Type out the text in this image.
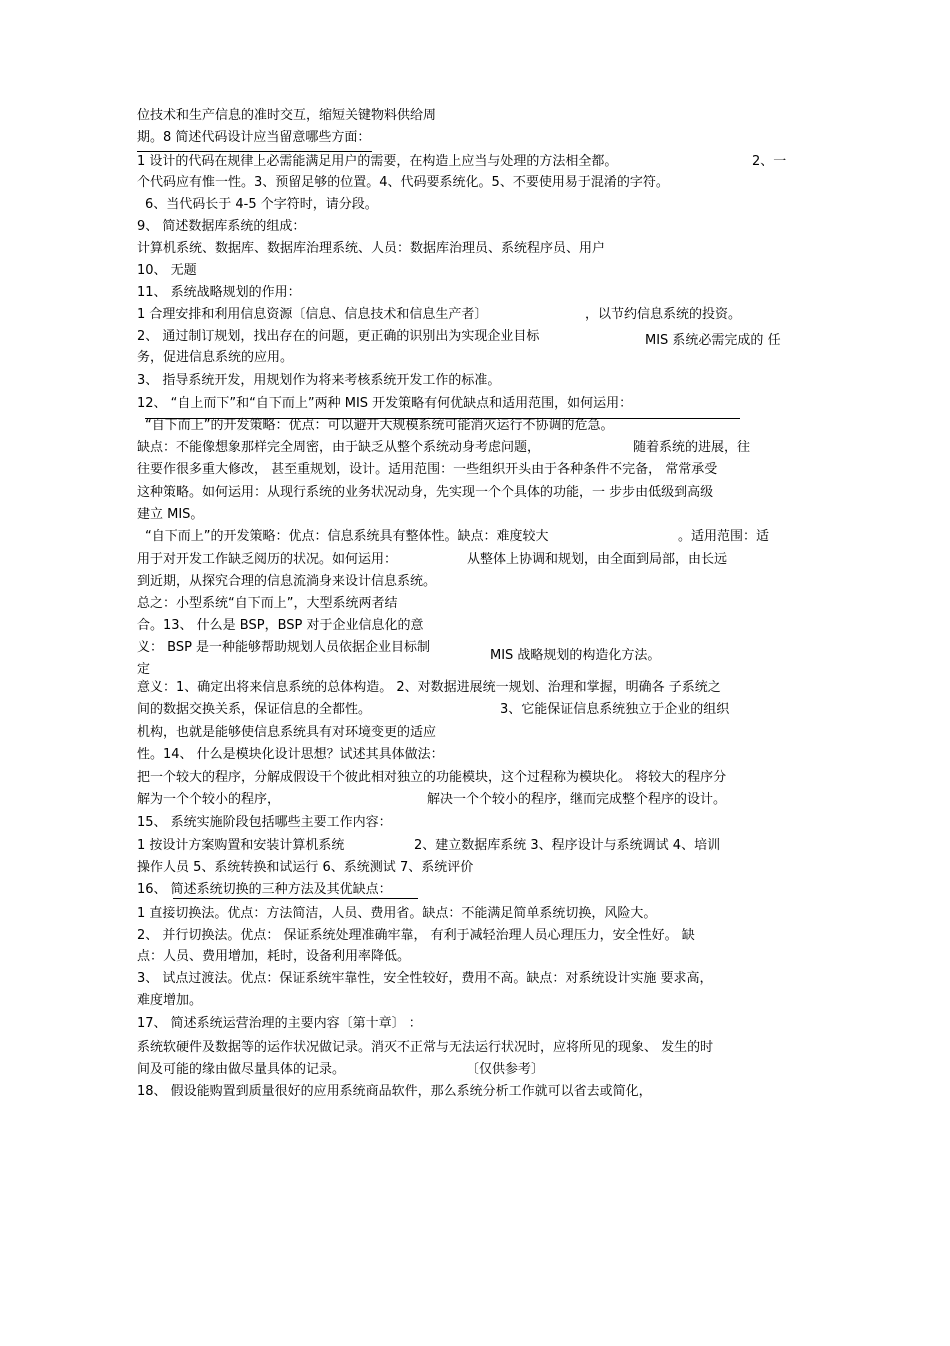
位技术和生产信息的准时交互，缩短关键物料供给周
期。8 简述代码设计应当留意哪些方面：
1 设计的代码在规律上必需能满足用户的需要，在构造上应当与处理的方法相全都。	2、一
个代码应有惟一性。3、预留足够的位置。4、代码要系统化。5、不要使用易于混淆的字符。
6、当代码长于 4-5 个字符时，请分段。
9、 简述数据库系统的组成：
计算机系统、数据库、数据库治理系统、人员：数据库治理员、系统程序员、用户
10、 无题
11、 系统战略规划的作用：
1 合理安排和利用信息资源〔信息、信息技术和信息生产者〕	，以节约信息系统的投资。
2、 通过制订规划，找出存在的问题，更正确的识别出为实现企业目标	MIS 系统必需完成的 任
务，促进信息系统的应用。
3、 指导系统开发，用规划作为将来考核系统开发工作的标准。
12、 “自上而下”和“自下而上”两种 MIS 开发策略有何优缺点和适用范围，如何运用：
“自下而上”的开发策略：优点：可以避开大规模系统可能消灭运行不协调的危急。
缺点：不能像想象那样完全周密，由于缺乏从整个系统动身考虑问题，	随着系统的进展，往
往要作很多重大修改， 甚至重规划，设计。适用范围：一些组织开头由于各种条件不完备， 常常承受
这种策略。如何运用：从现行系统的业务状况动身，先实现一个个具体的功能，一 步步由低级到高级
建立 MIS。
“自下而上”的开发策略：优点：信息系统具有整体性。缺点：难度较大	。适用范围：适
用于对开发工作缺乏阅历的状况。如何运用：	从整体上协调和规划，由全面到局部，由长远
到近期，从探究合理的信息流淌身来设计信息系统。
总之：小型系统“自下而上”，大型系统两者结
合。13、 什么是 BSP，BSP 对于企业信息化的意
义： BSP 是一种能够帮助规划人员依据企业目标制
MIS 战略规划的构造化方法。
定
意义：1、确定出将来信息系统的总体构造。 2、对数据进展统一规划、治理和掌握，明确各 子系统之
间的数据交换关系，保证信息的全都性。	3、它能保证信息系统独立于企业的组织
机构，也就是能够使信息系统具有对环境变更的适应
性。14、 什么是模块化设计思想？试述其具体做法：
把一个较大的程序，分解成假设干个彼此相对独立的功能模块，这个过程称为模块化。 将较大的程序分
解为一个个较小的程序，	解决一个个较小的程序，继而完成整个程序的设计。
15、 系统实施阶段包括哪些主要工作内容：
1 按设计方案购置和安装计算机系统	2、建立数据库系统 3、程序设计与系统调试 4、培训
操作人员 5、系统转换和试运行 6、系统测试 7、系统评价
16、 简述系统切换的三种方法及其优缺点：
1 直接切换法。优点：方法简洁，人员、费用省。缺点：不能满足简单系统切换，风险大。
2、 并行切换法。优点： 保证系统处理准确牢靠， 有利于减轻治理人员心理压力，安全性好。 缺
点：人员、费用增加，耗时，设备利用率降低。
3、 试点过渡法。优点：保证系统牢靠性，安全性较好，费用不高。缺点：对系统设计实施 要求高，
难度增加。
17、 简述系统运营治理的主要内容〔第十章〕 ：
系统软硬件及数据等的运作状况做记录。消灭不正常与无法运行状况时，应将所见的现象、 发生的时
间及可能的缘由做尽量具体的记录。	〔仅供参考〕
18、 假设能购置到质量很好的应用系统商品软件，那么系统分析工作就可以省去或简化，
